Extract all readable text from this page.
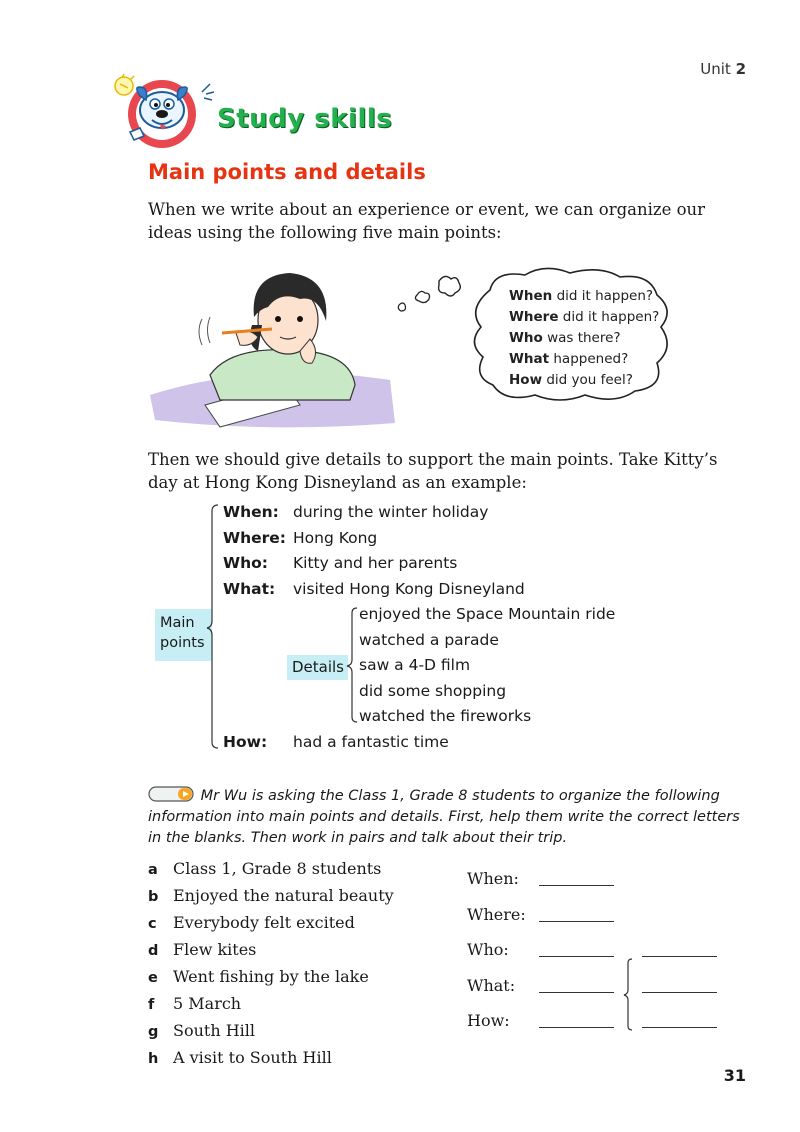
Unit 2
Study skills
Main points and details
When we write about an experience or event, we can organize our ideas using the following five main points:
When did it happen?
Where did it happen?
Who was there?
What happened?
How did you feel?
Then we should give details to support the main points. Take Kitty’s day at Hong Kong Disneyland as an example:
Main
points
When: during the winter holiday
Where: Hong Kong
Who: Kitty and her parents
What: visited Hong Kong Disneyland
Details
enjoyed the Space Mountain ride
watched a parade
saw a 4-D film
did some shopping
watched the fireworks
How: had a fantastic time
Mr Wu is asking the Class 1, Grade 8 students to organize the following information into main points and details. First, help them write the correct letters in the blanks. Then work in pairs and talk about their trip.
a Class 1, Grade 8 students
b Enjoyed the natural beauty
c Everybody felt excited
d Flew kites
e Went fishing by the lake
f 5 March
g South Hill
h A visit to South Hill
When:
Where:
Who:
What:
How:
31
